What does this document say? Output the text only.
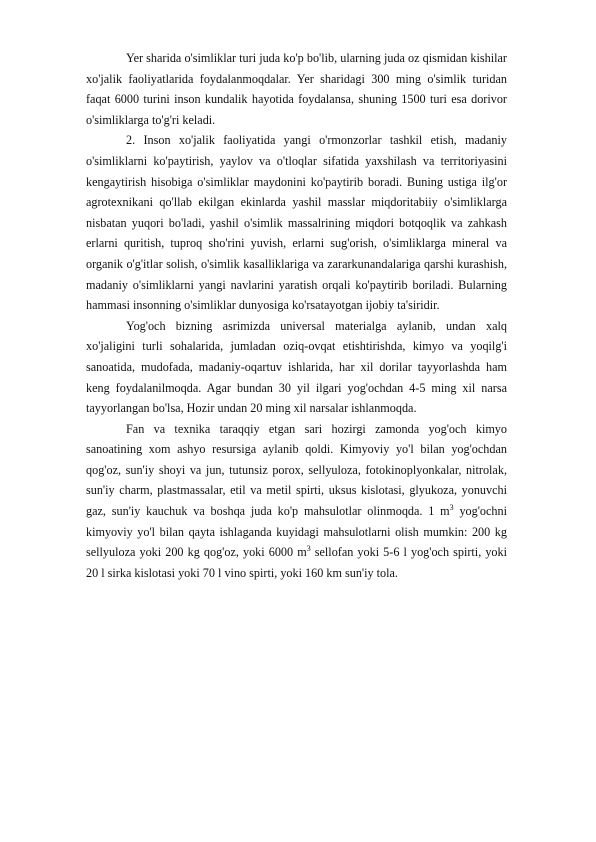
Yer sharida o'simliklar turi juda ko'p bo'lib, ularning juda oz qismidan kishilar xo'jalik faoliyatlarida foydalanmoqdalar. Yer sharidagi 300 ming o'simlik turidan faqat 6000 turini inson kundalik hayotida foydalansa, shuning 1500 turi esa dorivor o'simliklarga to'g'ri keladi.

2. Inson xo'jalik faoliyatida yangi o'rmonzorlar tashkil etish, madaniy o'simliklarni ko'paytirish, yaylov va o'tloqlar sifatida yaxshilash va territoriyasini kengaytirish hisobiga o'simliklar maydonini ko'paytirib boradi. Buning ustiga ilg'or agrotexnikani qo'llab ekilgan ekinlarda yashil masslar miqdoritabiiy o'simliklarga nisbatan yuqori bo'ladi, yashil o'simlik massalrining miqdori botqoqlik va zahkash erlarni quritish, tuproq sho'rini yuvish, erlarni sug'orish, o'simliklarga mineral va organik o'g'itlar solish, o'simlik kasalliklariga va zararkunandalariga qarshi kurashish, madaniy o'simliklarni yangi navlarini yaratish orqali ko'paytirib boriladi. Bularning hammasi insonning o'simliklar dunyosiga ko'rsatayotgan ijobiy ta'siridir.

Yog'och bizning asrimizda universal materialga aylanib, undan xalq xo'jaligini turli sohalarida, jumladan oziq-ovqat etishtirishda, kimyo va yoqilg'i sanoatida, mudofada, madaniy-oqartuv ishlarida, har xil dorilar tayyorlashda ham keng foydalanilmoqda. Agar bundan 30 yil ilgari yog'ochdan 4-5 ming xil narsa tayyorlangan bo'lsa, Hozir undan 20 ming xil narsalar ishlanmoqda.

Fan va texnika taraqqiy etgan sari hozirgi zamonda yog'och kimyo sanoatining xom ashyo resursiga aylanib qoldi. Kimyoviy yo'l bilan yog'ochdan qog'oz, sun'iy shoyi va jun, tutunsiz porox, sellyuloza, fotokinoplyonkalar, nitrolak, sun'iy charm, plastmassalar, etil va metil spirti, uksus kislotasi, glyukoza, yonuvchi gaz, sun'iy kauchuk va boshqa juda ko'p mahsulotlar olinmoqda. 1 $m^3$ yog'ochni kimyoviy yo'l bilan qayta ishlaganda kuyidagi mahsulotlarni olish mumkin: 200 kg sellyuloza yoki 200 kg qog'oz, yoki 6000 $m^3$ sellofan yoki 5-6 l yog'och spirti, yoki 20 l sirka kislotasi yoki 70 l vino spirti, yoki 160 km sun'iy tola.
